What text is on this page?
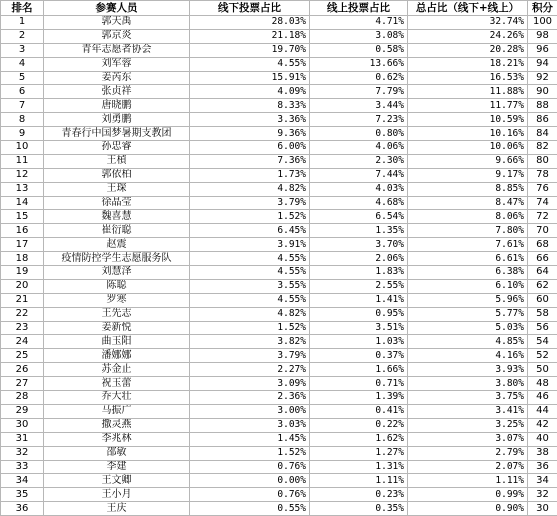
排名	参赛人员	线下投票占比	线上投票占比	总占比（线下+线上）	积分
1	郭天禹	28.03%	4.71%	32.74%	100
2	郭京炎	21.18%	3.08%	24.26%	98
3	青年志愿者协会	19.70%	0.58%	20.28%	96
4	刘军蓉	4.55%	13.66%	18.21%	94
5	姜芮东	15.91%	0.62%	16.53%	92
6	张贞祥	4.09%	7.79%	11.88%	90
7	唐晓鹏	8.33%	3.44%	11.77%	88
8	刘勇鹏	3.36%	7.23%	10.59%	86
9	青春行中国梦暑期支教团	9.36%	0.80%	10.16%	84
10	孙忠睿	6.00%	4.06%	10.06%	82
11	王楨	7.36%	2.30%	9.66%	80
12	郭依柏	1.73%	7.44%	9.17%	78
13	王琛	4.82%	4.03%	8.85%	76
14	徐晶莹	3.79%	4.68%	8.47%	74
15	魏喜慧	1.52%	6.54%	8.06%	72
16	崔衍聪	6.45%	1.35%	7.80%	70
17	赵震	3.91%	3.70%	7.61%	68
18	疫情防控学生志愿服务队	4.55%	2.06%	6.61%	66
19	刘慧泽	4.55%	1.83%	6.38%	64
20	陈聪	3.55%	2.55%	6.10%	62
21	罗寒	4.55%	1.41%	5.96%	60
22	王先志	4.82%	0.95%	5.77%	58
23	姜新悦	1.52%	3.51%	5.03%	56
24	曲玉阳	3.82%	1.03%	4.85%	54
25	潘娜娜	3.79%	0.37%	4.16%	52
26	苏金止	2.27%	1.66%	3.93%	50
27	祝玉蕾	3.09%	0.71%	3.80%	48
28	乔大壮	2.36%	1.39%	3.75%	46
29	马振广	3.00%	0.41%	3.41%	44
30	撒灵燕	3.03%	0.22%	3.25%	42
31	李兆林	1.45%	1.62%	3.07%	40
32	邵敏	1.52%	1.27%	2.79%	38
33	李建	0.76%	1.31%	2.07%	36
34	王文卿	0.00%	1.11%	1.11%	34
35	王小月	0.76%	0.23%	0.99%	32
36	王庆	0.55%	0.35%	0.90%	30
